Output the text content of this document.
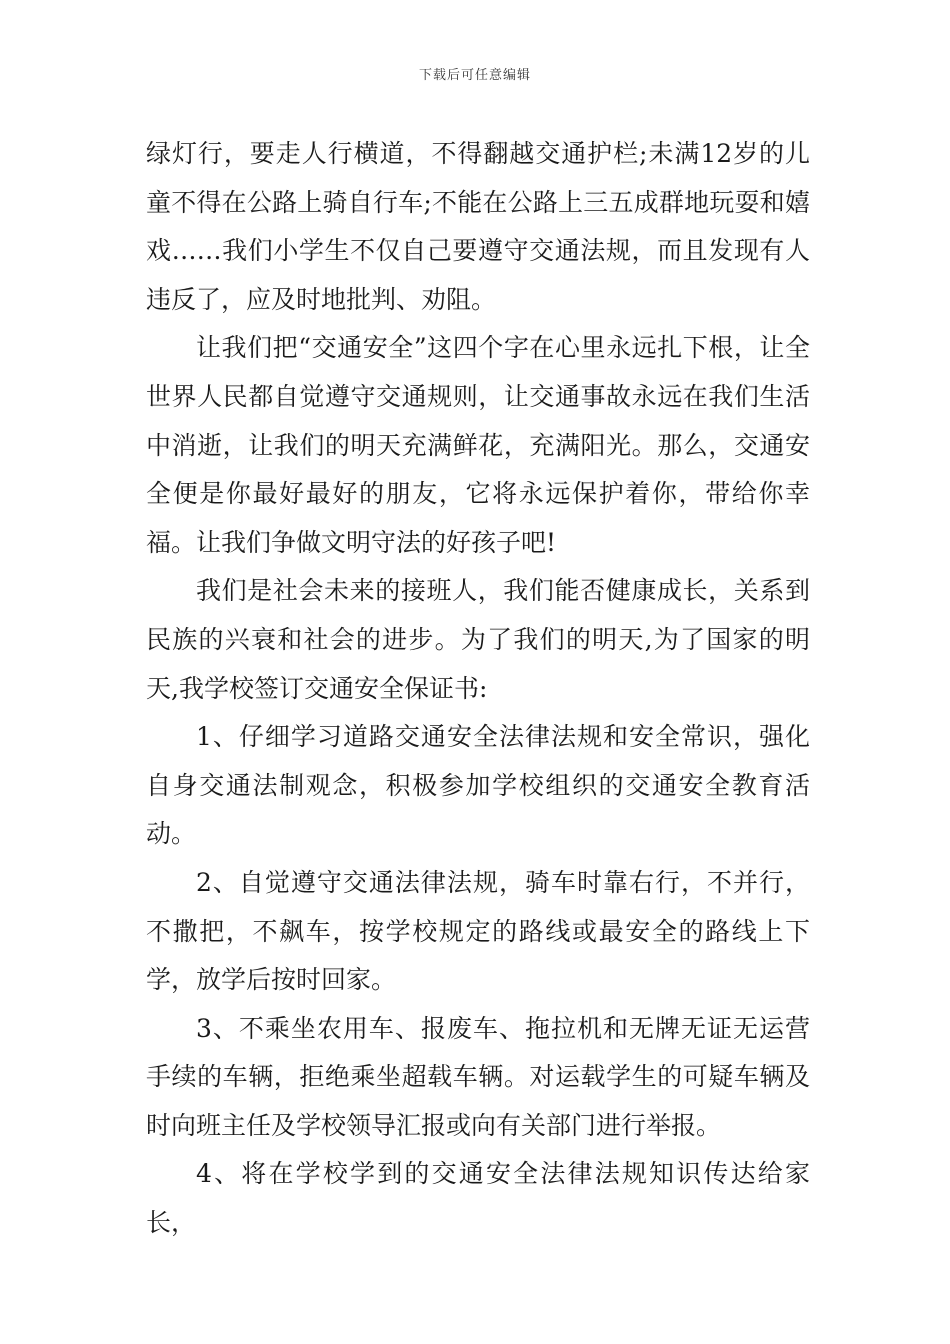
下载后可任意编辑

绿灯行，要走人行横道，不得翻越交通护栏;未满12岁的儿童不得在公路上骑自行车;不能在公路上三五成群地玩耍和嬉戏……我们小学生不仅自己要遵守交通法规，而且发现有人违反了，应及时地批判、劝阻。

让我们把“交通安全”这四个字在心里永远扎下根，让全世界人民都自觉遵守交通规则，让交通事故永远在我们生活中消逝，让我们的明天充满鲜花，充满阳光。那么，交通安全便是你最好最好的朋友，它将永远保护着你，带给你幸福。让我们争做文明守法的好孩子吧!

我们是社会未来的接班人，我们能否健康成长，关系到民族的兴衰和社会的进步。为了我们的明天,为了国家的明天,我学校签订交通安全保证书:

1、仔细学习道路交通安全法律法规和安全常识，强化自身交通法制观念，积极参加学校组织的交通安全教育活动。

2、自觉遵守交通法律法规，骑车时靠右行，不并行，不撒把，不飙车，按学校规定的路线或最安全的路线上下学，放学后按时回家。

3、不乘坐农用车、报废车、拖拉机和无牌无证无运营手续的车辆，拒绝乘坐超载车辆。对运载学生的可疑车辆及时向班主任及学校领导汇报或向有关部门进行举报。

4、将在学校学到的交通安全法律法规知识传达给家长，
